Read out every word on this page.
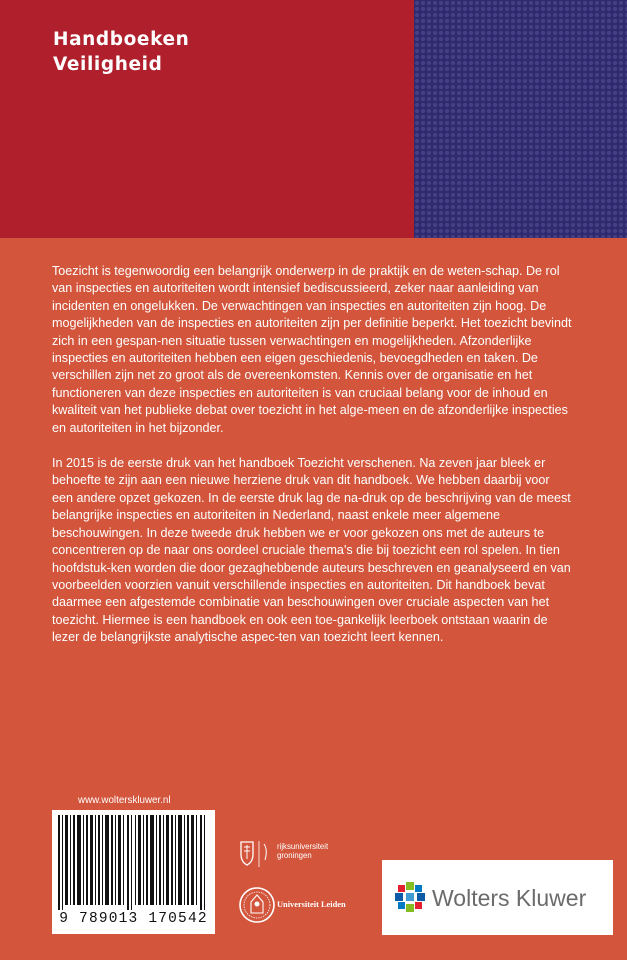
Handboeken
Veiligheid

Toezicht is tegenwoordig een belangrijk onderwerp in de praktijk en de weten-schap. De rol van inspecties en autoriteiten wordt intensief bediscussieerd, zeker naar aanleiding van incidenten en ongelukken. De verwachtingen van inspecties en autoriteiten zijn hoog. De mogelijkheden van de inspecties en autoriteiten zijn per definitie beperkt. Het toezicht bevindt zich in een gespan-nen situatie tussen verwachtingen en mogelijkheden. Afzonderlijke inspecties en autoriteiten hebben een eigen geschiedenis, bevoegdheden en taken. De verschillen zijn net zo groot als de overeenkomsten. Kennis over de organisatie en het functioneren van deze inspecties en autoriteiten is van cruciaal belang voor de inhoud en kwaliteit van het publieke debat over toezicht in het alge-meen en de afzonderlijke inspecties en autoriteiten in het bijzonder.

In 2015 is de eerste druk van het handboek Toezicht verschenen. Na zeven jaar bleek er behoefte te zijn aan een nieuwe herziene druk van dit handboek. We hebben daarbij voor een andere opzet gekozen. In de eerste druk lag de na-druk op de beschrijving van de meest belangrijke inspecties en autoriteiten in Nederland, naast enkele meer algemene beschouwingen. In deze tweede druk hebben we er voor gekozen ons met de auteurs te concentreren op de naar ons oordeel cruciale thema's die bij toezicht een rol spelen. In tien hoofdstuk-ken worden die door gezaghebbende auteurs beschreven en geanalyseerd en van voorbeelden voorzien vanuit verschillende inspecties en autoriteiten. Dit handboek bevat daarmee een afgestemde combinatie van beschouwingen over cruciale aspecten van het toezicht. Hiermee is een handboek en ook een toe-gankelijk leerboek ontstaan waarin de lezer de belangrijkste analytische aspec-ten van toezicht leert kennen.

www.wolterskluwer.nl
9 789013 170542
rijksuniversiteit
groningen
Universiteit Leiden	Wolters Kluwer
